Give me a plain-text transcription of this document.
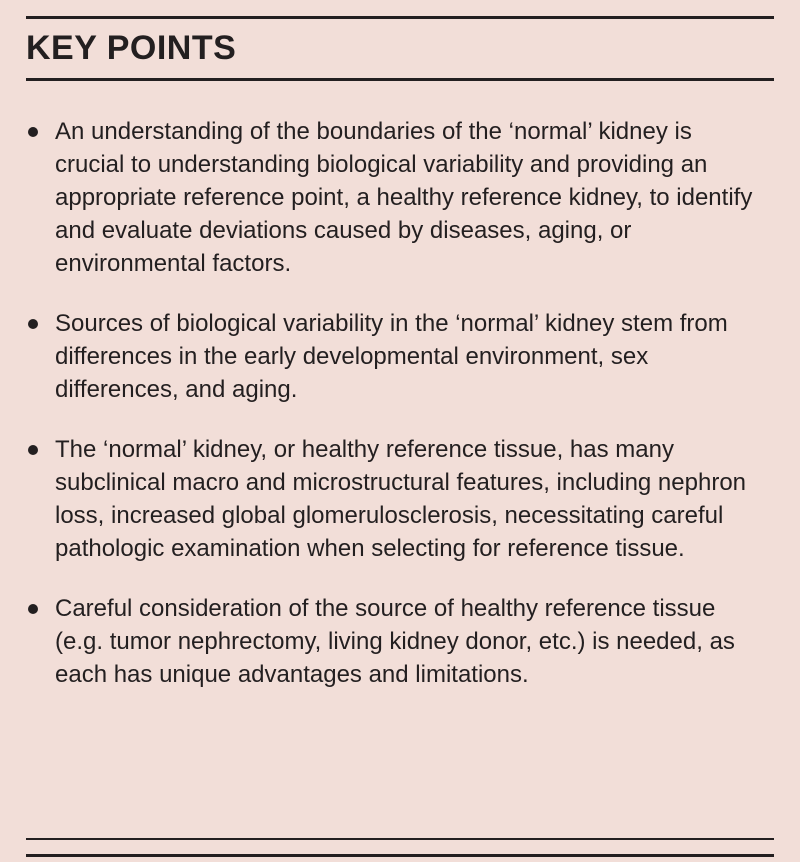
KEY POINTS
An understanding of the boundaries of the ‘normal’ kidney is crucial to understanding biological variability and providing an appropriate reference point, a healthy reference kidney, to identify and evaluate deviations caused by diseases, aging, or environmental factors.
Sources of biological variability in the ‘normal’ kidney stem from differences in the early developmental environment, sex differences, and aging.
The ‘normal’ kidney, or healthy reference tissue, has many subclinical macro and microstructural features, including nephron loss, increased global glomerulosclerosis, necessitating careful pathologic examination when selecting for reference tissue.
Careful consideration of the source of healthy reference tissue (e.g. tumor nephrectomy, living kidney donor, etc.) is needed, as each has unique advantages and limitations.
